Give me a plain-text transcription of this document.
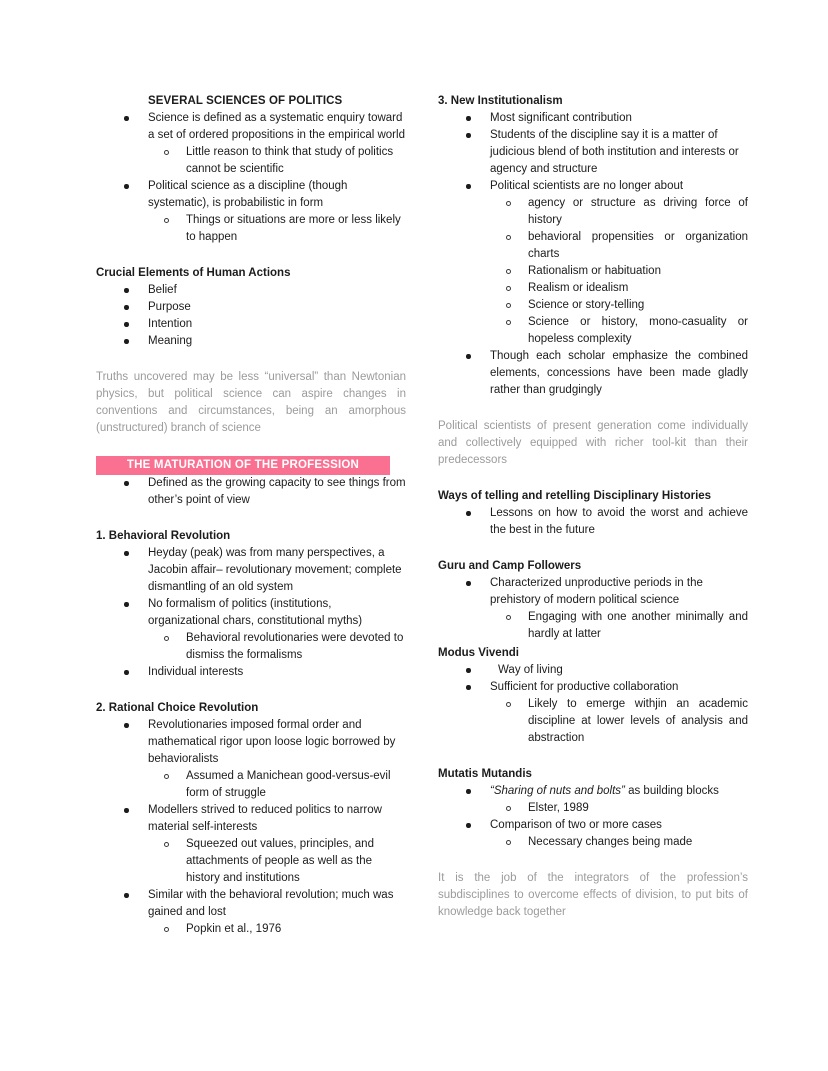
SEVERAL SCIENCES OF POLITICS
Science is defined as a systematic enquiry toward a set of ordered propositions in the empirical world
Little reason to think that study of politics cannot be scientific
Political science as a discipline (though systematic), is probabilistic in form
Things or situations are more or less likely to happen
Crucial Elements of Human Actions
Belief
Purpose
Intention
Meaning

Truths uncovered may be less “universal” than Newtonian physics, but political science can aspire changes in conventions and circumstances, being an amorphous (unstructured) branch of science

THE MATURATION OF THE PROFESSION
Defined as the growing capacity to see things from other’s point of view
1. Behavioral Revolution
Heyday (peak) was from many perspectives, a Jacobin affair– revolutionary movement; complete dismantling of an old system
No formalism of politics (institutions, organizational chars, constitutional myths)
Behavioral revolutionaries were devoted to dismiss the formalisms
Individual interests
2. Rational Choice Revolution
Revolutionaries imposed formal order and mathematical rigor upon loose logic borrowed by behavioralists
Assumed a Manichean good-versus-evil form of struggle
Modellers strived to reduced politics to narrow material self-interests
Squeezed out values, principles, and attachments of people as well as the history and institutions
Similar with the behavioral revolution; much was gained and lost
Popkin et al., 1976
3. New Institutionalism
Most significant contribution
Students of the discipline say it is a matter of judicious blend of both institution and interests or agency and structure
Political scientists are no longer about
agency or structure as driving force of history
behavioral propensities or organization charts
Rationalism or habituation
Realism or idealism
Science or story-telling
Science or history, mono-casuality or hopeless complexity
Though each scholar emphasize the combined elements, concessions have been made gladly rather than grudgingly

Political scientists of present generation come individually and collectively equipped with richer tool-kit than their predecessors

Ways of telling and retelling Disciplinary Histories
Lessons on how to avoid the worst and achieve the best in the future
Guru and Camp Followers
Characterized unproductive periods in the prehistory of modern political science
Engaging with one another minimally and hardly at latter
Modus Vivendi
Way of living
Sufficient for productive collaboration
Likely to emerge withjin an academic discipline at lower levels of analysis and abstraction
Mutatis Mutandis
“Sharing of nuts and bolts” as building blocks
Elster, 1989
Comparison of two or more cases
Necessary changes being made

It is the job of the integrators of the profession’s subdisciplines to overcome effects of division, to put bits of knowledge back together
